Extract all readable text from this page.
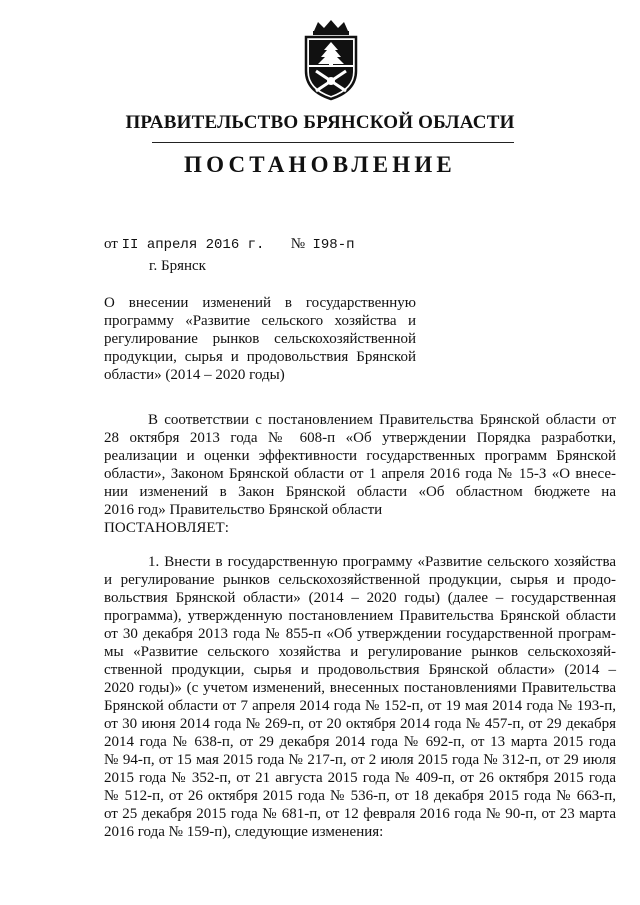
ПРАВИТЕЛЬСТВО БРЯНСКОЙ ОБЛАСТИ
ПОСТАНОВЛЕНИЕ
от II апреля 2016 г. № I98-п
г. Брянск
О внесении изменений в государственную
программу «Развитие сельского хозяйства и
регулирование рынков сельскохозяйственной
продукции, сырья и продовольствия Брянской
области» (2014 – 2020 годы)
В соответствии с постановлением Правительства Брянской области от
28 октября 2013 года № 608-п «Об утверждении Порядка разработки,
реализации и оценки эффективности государственных программ Брянской
области», Законом Брянской области от 1 апреля 2016 года № 15-З «О внесе-
нии изменений в Закон Брянской области «Об областном бюджете на
2016 год» Правительство Брянской области
ПОСТАНОВЛЯЕТ:
1. Внести в государственную программу «Развитие сельского хозяйства
и регулирование рынков сельскохозяйственной продукции, сырья и продо-
вольствия Брянской области» (2014 – 2020 годы) (далее – государственная
программа), утвержденную постановлением Правительства Брянской области
от 30 декабря 2013 года № 855-п «Об утверждении государственной програм-
мы «Развитие сельского хозяйства и регулирование рынков сельскохозяй-
ственной продукции, сырья и продовольствия Брянской области» (2014 –
2020 годы)» (с учетом изменений, внесенных постановлениями Правительства
Брянской области от 7 апреля 2014 года № 152-п, от 19 мая 2014 года № 193-п,
от 30 июня 2014 года № 269-п, от 20 октября 2014 года № 457-п, от 29 декабря
2014 года № 638-п, от 29 декабря 2014 года № 692-п, от 13 марта 2015 года
№ 94-п, от 15 мая 2015 года № 217-п, от 2 июля 2015 года № 312-п, от 29 июля
2015 года № 352-п, от 21 августа 2015 года № 409-п, от 26 октября 2015 года
№ 512-п, от 26 октября 2015 года № 536-п, от 18 декабря 2015 года № 663-п,
от 25 декабря 2015 года № 681-п, от 12 февраля 2016 года № 90-п, от 23 марта
2016 года № 159-п), следующие изменения:
